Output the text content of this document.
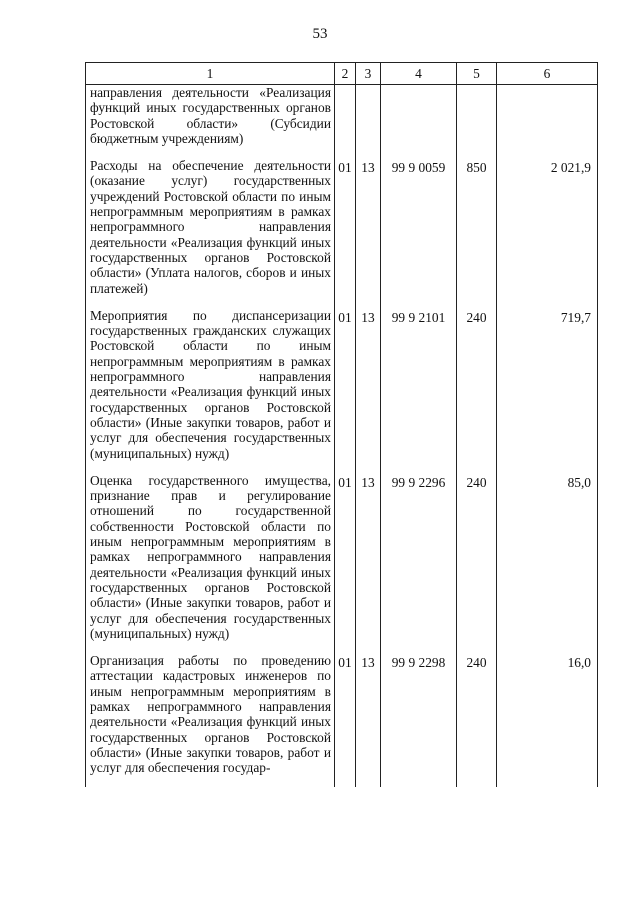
53
1	2	3	4	5	6
направления деятельности «Реализация функций иных государственных органов Ростовской области» (Субсидии бюджетным учреждениям)					
Расходы на обеспечение деятельности (оказание услуг) государственных учреждений Ростовской области по иным непрограммным мероприятиям в рамках непрограммного направления деятельности «Реализация функций иных государственных органов Ростовской области» (Уплата налогов, сборов и иных платежей)	01	13	99 9 0059	850	2 021,9
Мероприятия по диспансеризации государственных гражданских служащих Ростовской области по иным непрограммным мероприятиям в рамках непрограммного направления деятельности «Реализация функций иных государственных органов Ростовской области» (Иные закупки товаров, работ и услуг для обеспечения государственных (муниципальных) нужд)	01	13	99 9 2101	240	719,7
Оценка государственного имущества, признание прав и регулирование отношений по государственной собственности Ростовской области по иным непрограммным мероприятиям в рамках непрограммного направления деятельности «Реализация функций иных государственных органов Ростовской области» (Иные закупки товаров, работ и услуг для обеспечения государственных (муниципальных) нужд)	01	13	99 9 2296	240	85,0
Организация работы по проведению аттестации кадастровых инженеров по иным непрограммным мероприятиям в рамках непрограммного направления деятельности «Реализация функций иных государственных органов Ростовской области» (Иные закупки товаров, работ и услуг для обеспечения государ-	01	13	99 9 2298	240	16,0
